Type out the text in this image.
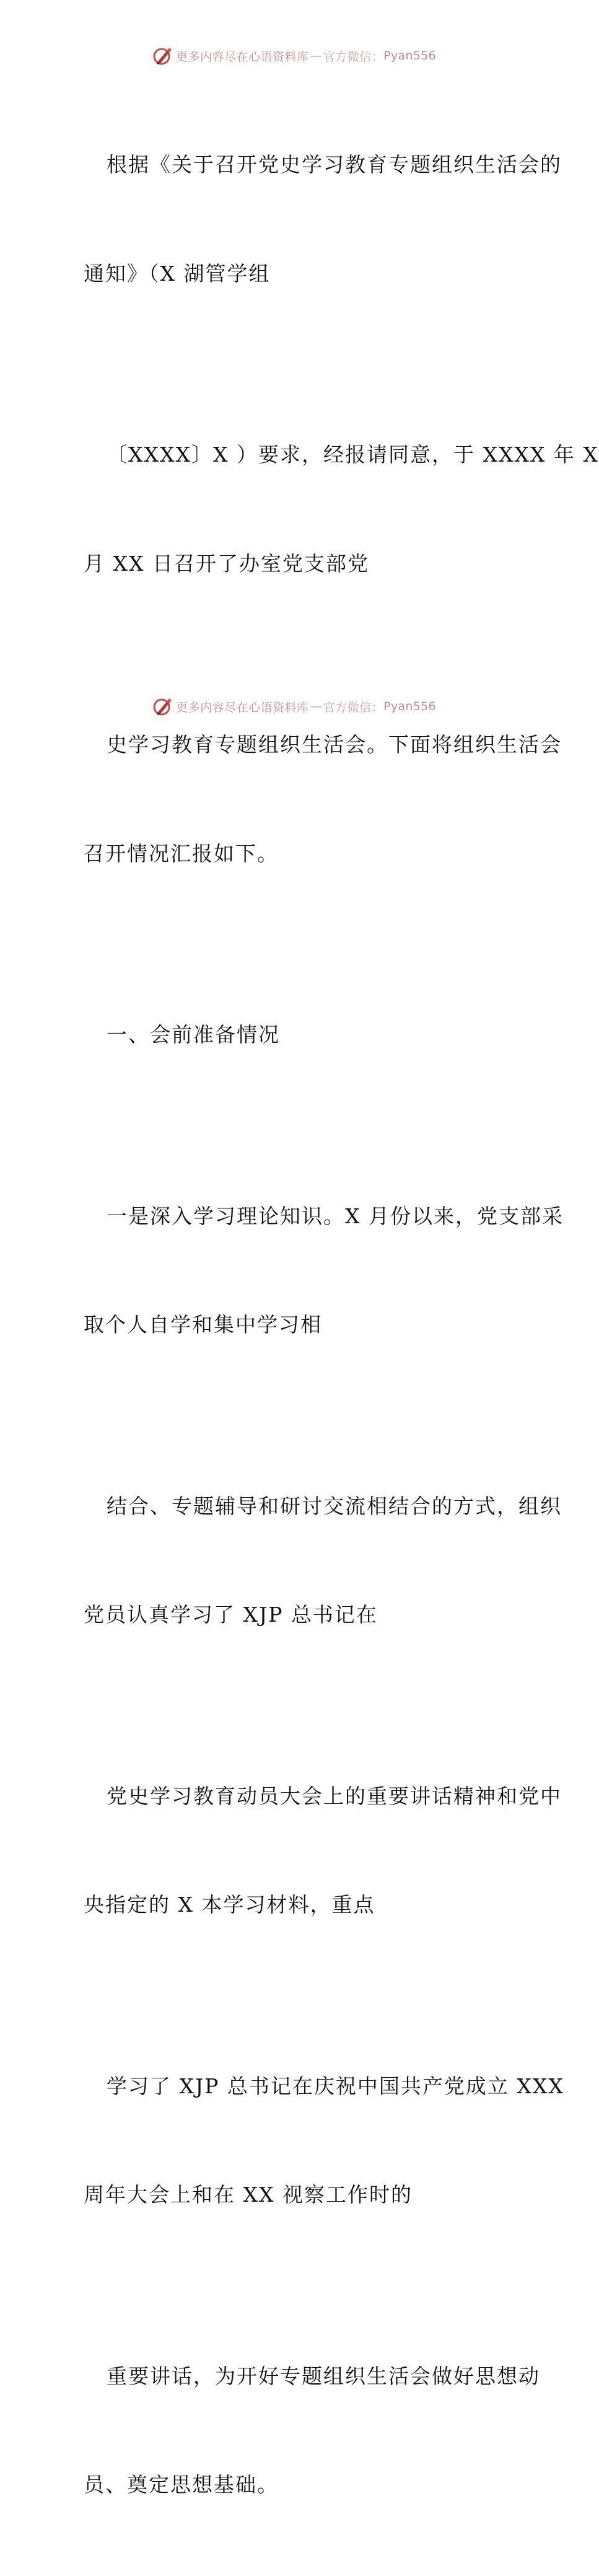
更多内容尽在心语资料库 — 官方微信： Pyan556

根据《关于召开党史学习教育专题组织生活会的

通知》（X 湖管学组

〔XXXX〕X ）要求，经报请同意，于 XXXX 年 X

月 XX 日召开了办室党支部党

史学习教育专题组织生活会。下面将组织生活会

召开情况汇报如下。

一、会前准备情况

一是深入学习理论知识。X 月份以来，党支部采

取个人自学和集中学习相

结合、专题辅导和研讨交流相结合的方式，组织

党员认真学习了 XJP 总书记在

党史学习教育动员大会上的重要讲话精神和党中

央指定的 X 本学习材料，重点

学习了 XJP 总书记在庆祝中国共产党成立 XXX

周年大会上和在 XX 视察工作时的

重要讲话，为开好专题组织生活会做好思想动

员、奠定思想基础。

更多内容尽在心语资料库 — 官方微信： Pyan556
